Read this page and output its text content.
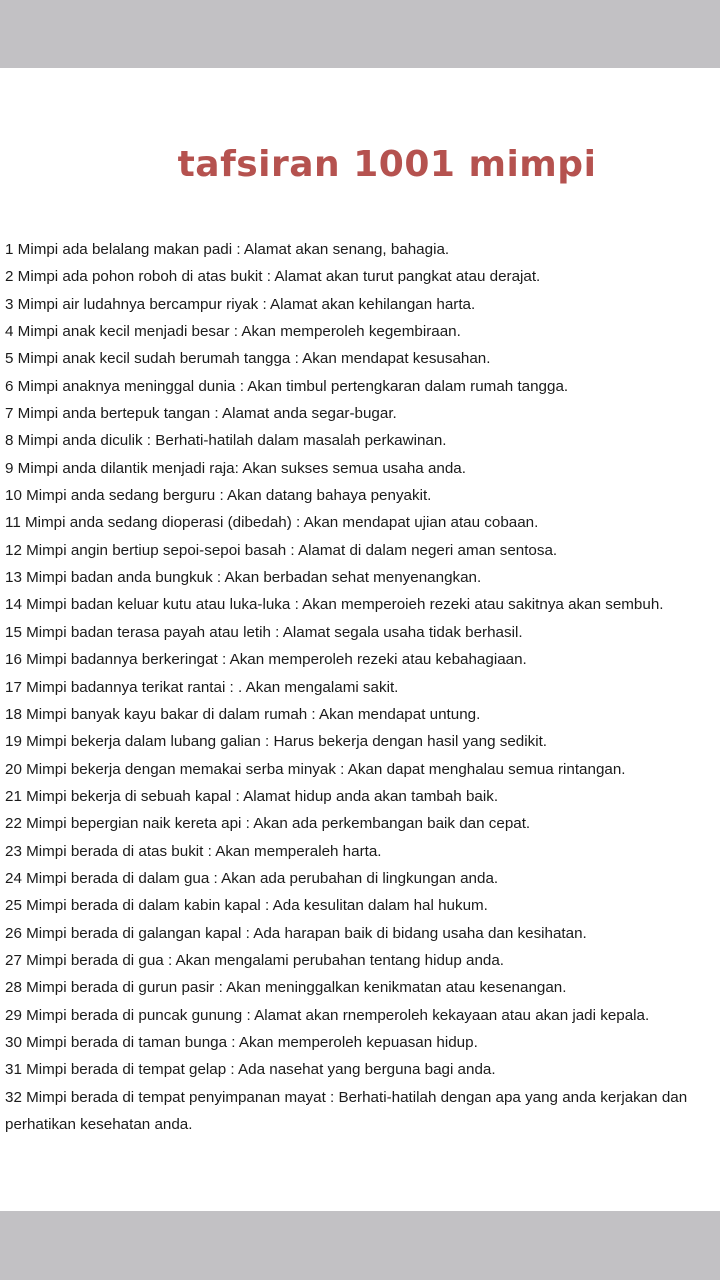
tafsiran 1001 mimpi
1 Mimpi ada belalang makan padi : Alamat akan senang, bahagia.
2 Mimpi ada pohon roboh di atas bukit : Alamat akan turut pangkat atau derajat.
3 Mimpi air ludahnya bercampur riyak : Alamat akan kehilangan harta.
4 Mimpi anak kecil menjadi besar : Akan memperoleh kegembiraan.
5 Mimpi anak kecil sudah berumah tangga : Akan mendapat kesusahan.
6 Mimpi anaknya meninggal dunia : Akan timbul pertengkaran dalam rumah tangga.
7 Mimpi anda bertepuk tangan : Alamat anda segar-bugar.
8 Mimpi anda diculik : Berhati-hatilah dalam masalah perkawinan.
9 Mimpi anda dilantik menjadi raja: Akan sukses semua usaha anda.
10 Mimpi anda sedang berguru : Akan datang bahaya penyakit.
11 Mimpi anda sedang dioperasi (dibedah) : Akan mendapat ujian atau cobaan.
12 Mimpi angin bertiup sepoi-sepoi basah : Alamat di dalam negeri aman sentosa.
13 Mimpi badan anda bungkuk : Akan berbadan sehat menyenangkan.
14 Mimpi badan keluar kutu atau luka-luka : Akan memperoieh rezeki atau sakitnya akan sembuh.
15 Mimpi badan terasa payah atau letih : Alamat segala usaha tidak berhasil.
16 Mimpi badannya berkeringat : Akan memperoleh rezeki atau kebahagiaan.
17 Mimpi badannya terikat rantai : . Akan mengalami sakit.
18 Mimpi banyak kayu bakar di dalam rumah : Akan mendapat untung.
19 Mimpi bekerja dalam lubang galian : Harus bekerja dengan hasil yang sedikit.
20 Mimpi bekerja dengan memakai serba minyak : Akan dapat menghalau semua rintangan.
21 Mimpi bekerja di sebuah kapal : Alamat hidup anda akan tambah baik.
22 Mimpi bepergian naik kereta api : Akan ada perkembangan baik dan cepat.
23 Mimpi berada di atas bukit : Akan memperaleh harta.
24 Mimpi berada di dalam gua : Akan ada perubahan di lingkungan anda.
25 Mimpi berada di dalam kabin kapal : Ada kesulitan dalam hal hukum.
26 Mimpi berada di galangan kapal : Ada harapan baik di bidang usaha dan kesihatan.
27 Mimpi berada di gua : Akan mengalami perubahan tentang hidup anda.
28 Mimpi berada di gurun pasir : Akan meninggalkan kenikmatan atau kesenangan.
29 Mimpi berada di puncak gunung : Alamat akan rnemperoleh kekayaan atau akan jadi kepala.
30 Mimpi berada di taman bunga : Akan memperoleh kepuasan hidup.
31 Mimpi berada di tempat gelap : Ada nasehat yang berguna bagi anda.
32 Mimpi berada di tempat penyimpanan mayat : Berhati-hatilah dengan apa yang anda kerjakan dan perhatikan kesehatan anda.
